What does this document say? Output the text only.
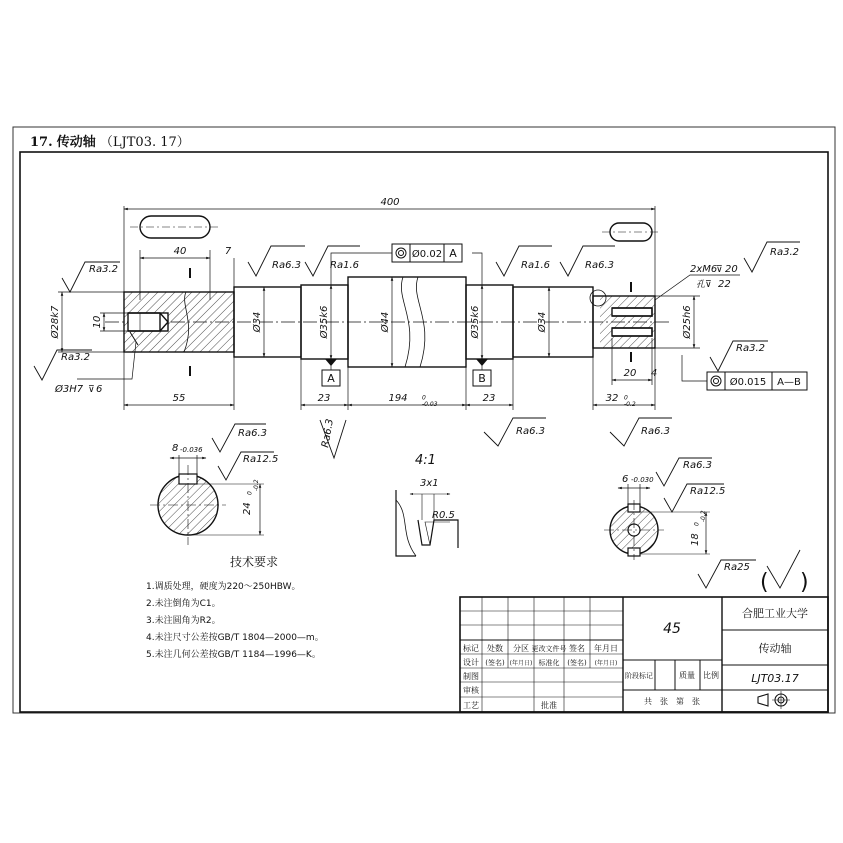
17. 传动轴 （LJT03. 17）
A	B
Ø0.02 A
Ø0.015 A—B
400
40	7
55	23	194 0 -0.03
23	32 0 -0.2
20 4
Ø28k7	10	Ø34	Ø35k6	Ø44	Ø35k6	Ø34	Ø25h6
Ø3H7 ⊽ 6
2xM6
⊽ 20
孔⊽ 22
Ra3.2
Ra3.2
Ra6.3	Ra1.6	Ra1.6	Ra6.3
Ra3.2
Ra3.2
Ra6.3	Ra6.3	Ra6.3
Ra6.3
Ra12.5
Ra6.3
Ra12.5
Ra25
( )
8 -0.036
24
0-0.2
4:1
3x1
R0.5
6 -0.030
18
0-0.2
技术要求
1.调质处理，硬度为220～250HBW。
2.未注倒角为C1。
3.未注圆角为R2。
4.未注尺寸公差按GB/T 1804—2000—m。
5.未注几何公差按GB/T 1184—1996—K。
标记 处数 分区 更改文件号 签名 年月日
设计 (签名) (年月日) 标准化 (签名) (年月日)
制图
审核
工艺	批准
阶段标记	质量 比例
共　张　第　张
45
合肥工业大学
传动轴
LJT03.17
